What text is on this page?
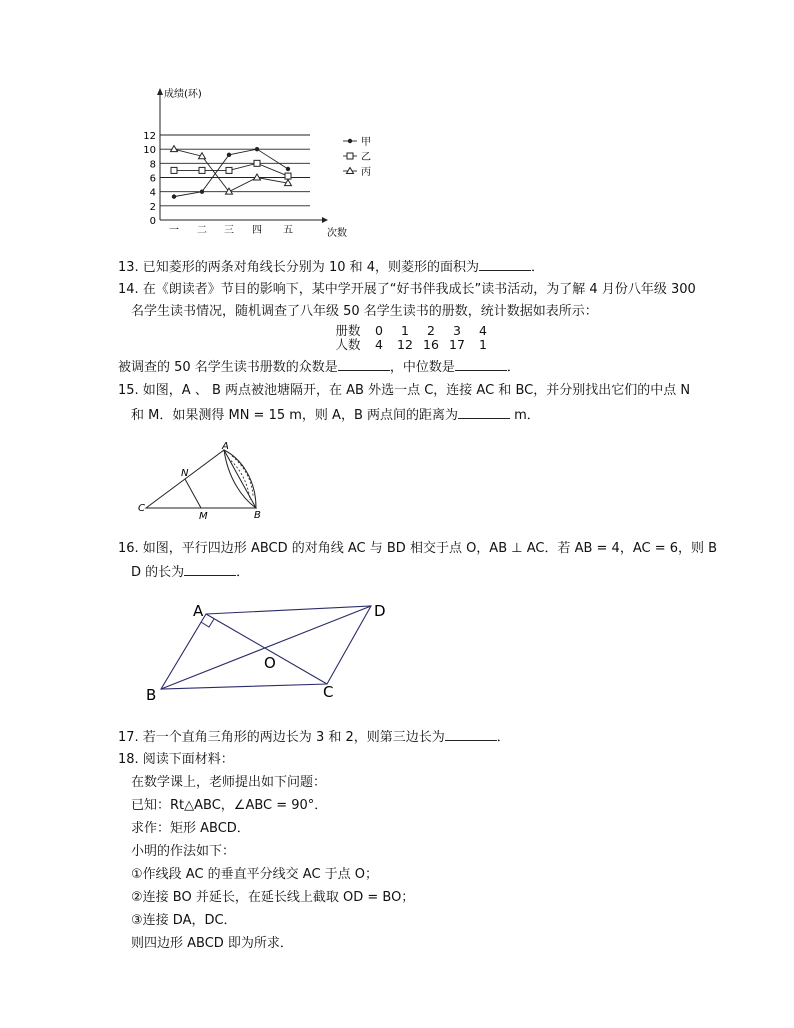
0
2
4
6
8
10
12
成绩(环)
次数
一 二 三 四 五
甲
乙
丙
13. 已知菱形的两条对角线长分别为 10 和 4，则菱形的面积为	．
14. 在《朗读者》节目的影响下，某中学开展了“好书伴我成长”读书活动，为了解 4 月份八年级 300
名学生读书情况，随机调查了八年级 50 名学生读书的册数，统计数据如表所示：
册数	0	1	2	3	4
人数	4	12 16 17	1
被调查的 50 名学生读书册数的众数是	，中位数是	．
15. 如图，A 、 B 两点被池塘隔开，在 AB 外选一点 C，连接 AC 和 BC，并分别找出它们的中点 N
和 M．如果测得 MN = 15 m，则 A，B 两点间的距离为	m．
A
N
C
M	B
16. 如图，平行四边形 ABCD 的对角线 AC 与 BD 相交于点 O，AB ⊥ AC．若 AB = 4，AC = 6，则 B
D 的长为	．
A	D
O
B	C
17. 若一个直角三角形的两边长为 3 和 2，则第三边长为	．
18. 阅读下面材料：
在数学课上，老师提出如下问题：
已知：Rt△ABC，∠ABC = 90°．
求作：矩形 ABCD．
小明的作法如下：
①作线段 AC 的垂直平分线交 AC 于点 O；
②连接 BO 并延长，在延长线上截取 OD = BO；
③连接 DA，DC．
则四边形 ABCD 即为所求．
